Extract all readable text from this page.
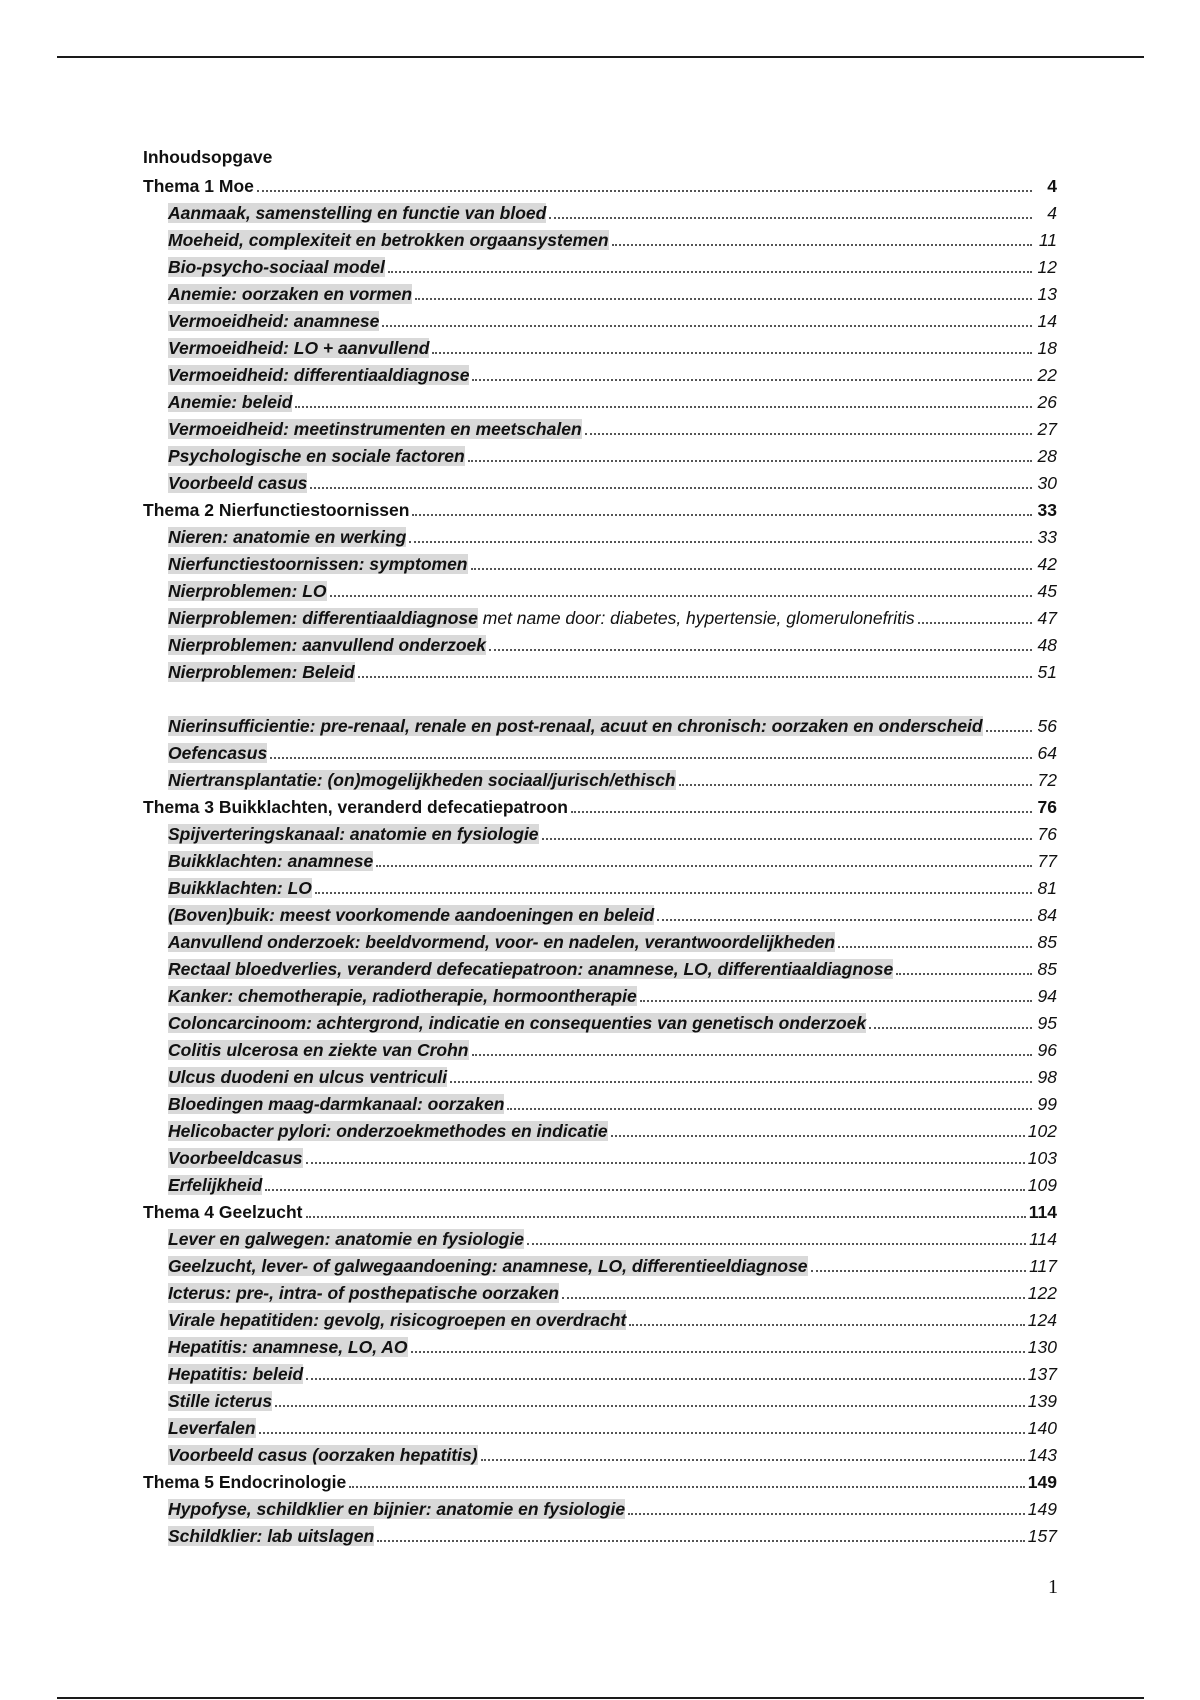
Inhoudsopgave
Thema 1 Moe	4
Aanmaak, samenstelling en functie van bloed	4
Moeheid, complexiteit en betrokken orgaansystemen	11
Bio-psycho-sociaal model	12
Anemie: oorzaken en vormen	13
Vermoeidheid: anamnese	14
Vermoeidheid: LO + aanvullend	18
Vermoeidheid: differentiaaldiagnose	22
Anemie: beleid	26
Vermoeidheid: meetinstrumenten en meetschalen	27
Psychologische en sociale factoren	28
Voorbeeld casus	30
Thema 2 Nierfunctiestoornissen	33
Nieren: anatomie en werking	33
Nierfunctiestoornissen: symptomen	42
Nierproblemen: LO	45
Nierproblemen: differentiaaldiagnose met name door: diabetes, hypertensie, glomerulonefritis	47
Nierproblemen: aanvullend onderzoek	48
Nierproblemen: Beleid	51
Nierinsufficientie: pre-renaal, renale en post-renaal, acuut en chronisch: oorzaken en onderscheid	56
Oefencasus	64
Niertransplantatie: (on)mogelijkheden sociaal/jurisch/ethisch	72
Thema 3 Buikklachten, veranderd defecatiepatroon	76
Spijverteringskanaal: anatomie en fysiologie	76
Buikklachten: anamnese	77
Buikklachten: LO	81
(Boven)buik: meest voorkomende aandoeningen en beleid	84
Aanvullend onderzoek: beeldvormend, voor- en nadelen, verantwoordelijkheden	85
Rectaal bloedverlies, veranderd defecatiepatroon: anamnese, LO, differentiaaldiagnose	85
Kanker: chemotherapie, radiotherapie, hormoontherapie	94
Coloncarcinoom: achtergrond, indicatie en consequenties van genetisch onderzoek	95
Colitis ulcerosa en ziekte van Crohn	96
Ulcus duodeni en ulcus ventriculi	98
Bloedingen maag-darmkanaal: oorzaken	99
Helicobacter pylori: onderzoekmethodes en indicatie	102
Voorbeeldcasus	103
Erfelijkheid	109
Thema 4 Geelzucht	114
Lever en galwegen: anatomie en fysiologie	114
Geelzucht, lever- of galwegaandoening: anamnese, LO, differentieeldiagnose	117
Icterus: pre-, intra- of posthepatische oorzaken	122
Virale hepatitiden: gevolg, risicogroepen en overdracht	124
Hepatitis: anamnese, LO, AO	130
Hepatitis: beleid	137
Stille icterus	139
Leverfalen	140
Voorbeeld casus (oorzaken hepatitis)	143
Thema 5 Endocrinologie	149
Hypofyse, schildklier en bijnier: anatomie en fysiologie	149
Schildklier: lab uitslagen	157
1
